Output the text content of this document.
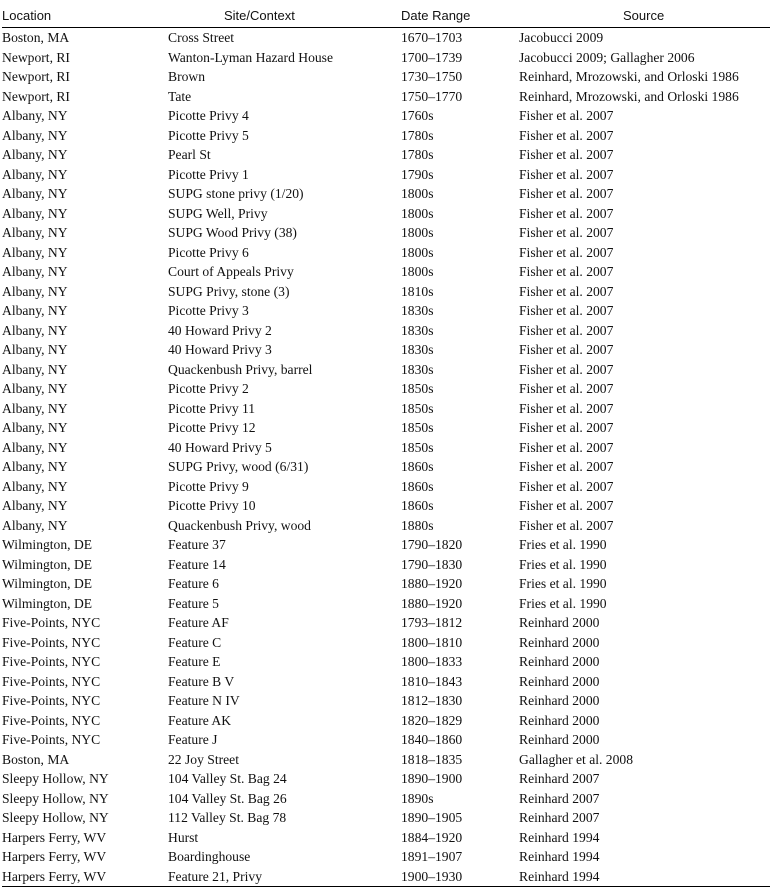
Location	Site/Context	Date Range	Source
Boston, MA	Cross Street	1670–1703	Jacobucci 2009
Newport, RI	Wanton-Lyman Hazard House	1700–1739	Jacobucci 2009; Gallagher 2006
Newport, RI	Brown	1730–1750	Reinhard, Mrozowski, and Orloski 1986
Newport, RI	Tate	1750–1770	Reinhard, Mrozowski, and Orloski 1986
Albany, NY	Picotte Privy 4	1760s	Fisher et al. 2007
Albany, NY	Picotte Privy 5	1780s	Fisher et al. 2007
Albany, NY	Pearl St	1780s	Fisher et al. 2007
Albany, NY	Picotte Privy 1	1790s	Fisher et al. 2007
Albany, NY	SUPG stone privy (1/20)	1800s	Fisher et al. 2007
Albany, NY	SUPG Well, Privy	1800s	Fisher et al. 2007
Albany, NY	SUPG Wood Privy (38)	1800s	Fisher et al. 2007
Albany, NY	Picotte Privy 6	1800s	Fisher et al. 2007
Albany, NY	Court of Appeals Privy	1800s	Fisher et al. 2007
Albany, NY	SUPG Privy, stone (3)	1810s	Fisher et al. 2007
Albany, NY	Picotte Privy 3	1830s	Fisher et al. 2007
Albany, NY	40 Howard Privy 2	1830s	Fisher et al. 2007
Albany, NY	40 Howard Privy 3	1830s	Fisher et al. 2007
Albany, NY	Quackenbush Privy, barrel	1830s	Fisher et al. 2007
Albany, NY	Picotte Privy 2	1850s	Fisher et al. 2007
Albany, NY	Picotte Privy 11	1850s	Fisher et al. 2007
Albany, NY	Picotte Privy 12	1850s	Fisher et al. 2007
Albany, NY	40 Howard Privy 5	1850s	Fisher et al. 2007
Albany, NY	SUPG Privy, wood (6/31)	1860s	Fisher et al. 2007
Albany, NY	Picotte Privy 9	1860s	Fisher et al. 2007
Albany, NY	Picotte Privy 10	1860s	Fisher et al. 2007
Albany, NY	Quackenbush Privy, wood	1880s	Fisher et al. 2007
Wilmington, DE	Feature 37	1790–1820	Fries et al. 1990
Wilmington, DE	Feature 14	1790–1830	Fries et al. 1990
Wilmington, DE	Feature 6	1880–1920	Fries et al. 1990
Wilmington, DE	Feature 5	1880–1920	Fries et al. 1990
Five-Points, NYC	Feature AF	1793–1812	Reinhard 2000
Five-Points, NYC	Feature C	1800–1810	Reinhard 2000
Five-Points, NYC	Feature E	1800–1833	Reinhard 2000
Five-Points, NYC	Feature B V	1810–1843	Reinhard 2000
Five-Points, NYC	Feature N IV	1812–1830	Reinhard 2000
Five-Points, NYC	Feature AK	1820–1829	Reinhard 2000
Five-Points, NYC	Feature J	1840–1860	Reinhard 2000
Boston, MA	22 Joy Street	1818–1835	Gallagher et al. 2008
Sleepy Hollow, NY	104 Valley St. Bag 24	1890–1900	Reinhard 2007
Sleepy Hollow, NY	104 Valley St. Bag 26	1890s	Reinhard 2007
Sleepy Hollow, NY	112 Valley St. Bag 78	1890–1905	Reinhard 2007
Harpers Ferry, WV	Hurst	1884–1920	Reinhard 1994
Harpers Ferry, WV	Boardinghouse	1891–1907	Reinhard 1994
Harpers Ferry, WV	Feature 21, Privy	1900–1930	Reinhard 1994
